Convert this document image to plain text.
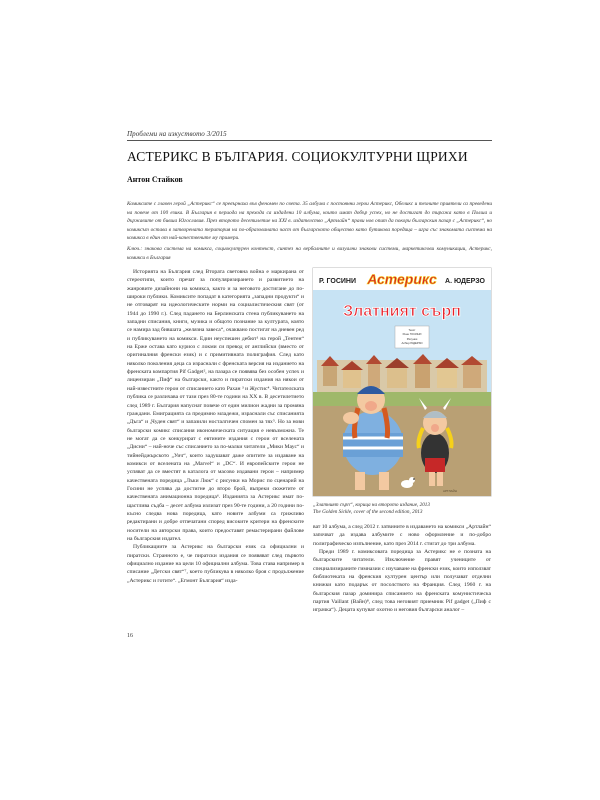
Проблеми на изкуството 3/2015
АСТЕРИКС В БЪЛГАРИЯ. СОЦИОКУЛТУРНИ ЩРИХИ
Антон Стайков
Комиксите с главен герой „Астерикс“ се превърнаха във феномен по света. 35 албума с постоянни герои Астерикс, Обеликс и техните приятели са преведени на повече от 100 езика. В България в периода на прехода са издадени 10 албума, които имат добър успех, но не достигат до тиража като в Полша и държавите от бивша Югославия. През второто десетилетие на XXI в. издателство „Артлайн“ прави нов опит да покори българския пазар с „Астерикс“, но комиксът остава в затворената територия на по-образованата част от българското общество като бутикова поредица – игра със знакомата система на комикса в един от най-качествените му примери.
Ключ.: знакова система на комикса, социокултурен контекст, синтез на вербалните и визуални знакови системи, маркетингови комуникации, Астерикс, комикси в България

Историята на България след Втората световна война е маркирана от стереотипи, които пречат за популяризирането и развитието на жанровите дизайнони на комикса, както и за неговото достигане до по-широки публики. Комиксите попадат в категорията „западни продукти“ и не отговарят на идеологическите норми на социалистическия свят (от 1944 до 1990 г.). След падането на Берлинската стена публикуването на западни списания, книги, музика и общото познание за културата, която се намира зад бившата „желязна завеса“, очаквано постигат на дневен ред и публикуването на комикси. Един неуспешен дебют¹ на герой „Тентен“ на Ерже остава като куриоз с локми си превод от английски (вместо от оригиналния френски език) и с примитивната полиграфия. След като няколко поколения деца са израснали с френската версия на изданието на френската компартия Pif Gadget², на пазара се появява без особен успех и лицензиран „Пиф“ на български, както и пиратски издания на някои от най-известните герои от списанието като Рахан ³ и Жустис⁴. Читателската публика се различава от тази през 80-те години на XX в. В десетилетието след 1989 г. България напуснат повече от един милион жадни за промяна граждани. Емиграцията са предимно младежи, израснали със списанията „Дъга“ и „Чуден свят“ и запазили носталгичен спомен за тях⁵. Но за нови български комикс списания икономическата ситуация е невъзможна. Те не могат да се конкурират с евтините издания с герои от вселената „Дисни“ – най-ноче със списанието за по-малки читатели „Мики Маус“ и тийнейджърското „Уич“, които задушават даже опитите за издаване на комикси от вселената на „Marvel“ и „DC“. И европейските герои не успяват да се вместят в каталога от масово издавани герои – например качествената поредица „Лъки Люк“ с рисунки на Морис по сценарий на Госини не успява да достигне до второ брой, въпреки сюжетите от качествената анимационна поредица⁶. Изданията за Астерикс имат по-щастлива съдба – десет албума излизат през 90-те години, а 20 години по-късно следва нова поредица, като новите албуми са грижливо редактирани и добре отпечатани според високите критери на френските носители на авторски права, които предоставят ремастерирани файлове на българския издател.

Публикациите за Астерикс на български език са официални и пиратски. Странното е, че пиратски издания се появяват след първото официално издание на цели 10 официални албума. Това става например в списание „Детски свят“⁷, което публикува в няколко броя с продължение „Астерикс и готите“. „Егмонт България“ изда-

Р. ГОСИНИ Астерикс А. ЮДЕРЗО
Златният сърп
Текст
Рене ГОСИНИ
Рисунки
Албер ЮДЕРЗО
АРТЛАЙН
„Златният сърп“, корица на второто издание, 2013
The Golden Sickle, cover of the second edition, 2013

ват 10 албума, а след 2012 г. затвините в издаването на комикси „Артлайн“ започват да издава албумите с ново оформление и по-добро полиграфическо изпълнение, като през 2014 г. стигат до три албума.

Преди 1989 г. комиксовата поредица за Астерикс не е позната на българските читатели. Изключение правят учениците от специализираните гимназии с изучаване на френски език, които използват библиотеката на френския културен център или получават отделни книжки като подарък от посолството на Франция. След 1960 г. на българския пазар доминира списанието на френската комунистическа партия Vaillant (Вайн)⁸, след това неговият приемник Pif gadget („Пиф с играчка“). Децата купуват охотно и неговия български аналог –

16
